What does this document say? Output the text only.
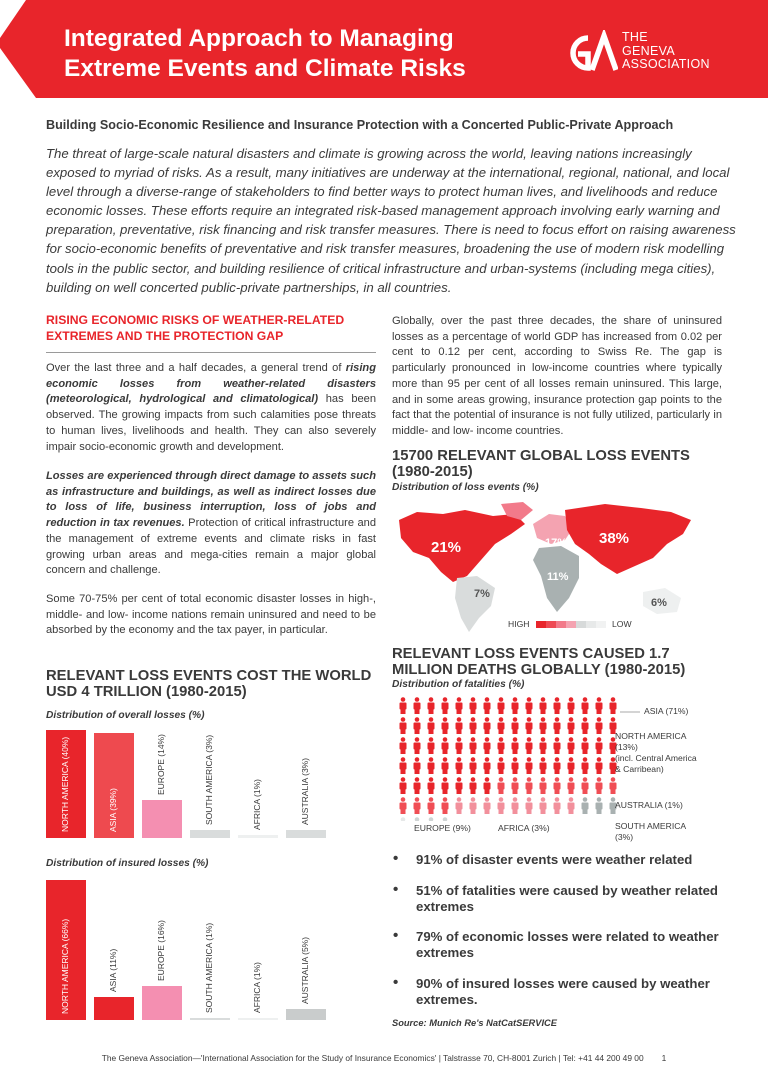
Integrated Approach to Managing
Extreme Events and Climate Risks
THE
GENEVA
ASSOCIATION
Building Socio-Economic Resilience and Insurance Protection with a Concerted Public-Private Approach

The threat of large-scale natural disasters and climate is growing across the world, leaving nations increasingly exposed to myriad of risks. As a result, many initiatives are underway at the international, regional, national, and local level through a diverse-range of stakeholders to find better ways to protect human lives, and livelihoods and reduce economic losses. These efforts require an integrated risk-based management approach involving early warning and preparation, preventative, risk financing and risk transfer measures. There is need to focus effort on raising awareness for socio-economic benefits of preventative and risk transfer measures, broadening the use of modern risk modelling tools in the public sector, and building resilience of critical infrastructure and urban-systems (including mega cities), building on well concerted public-private partnerships, in all countries.

RISING ECONOMIC RISKS OF WEATHER-RELATED EXTREMES AND THE PROTECTION GAP

Over the last three and a half decades, a general trend of rising economic losses from weather-related disasters (meteorological, hydrological and climatological) has been observed. The growing impacts from such calamities pose threats to human lives, livelihoods and health. They can also severely impair socio-economic growth and development.

Losses are experienced through direct damage to assets such as infrastructure and buildings, as well as indirect losses due to loss of life, business interruption, loss of jobs and reduction in tax revenues. Protection of critical infrastructure and the management of extreme events and climate risks in fast growing urban areas and mega-cities remain a major global concern and challenge.

Some 70-75% per cent of total economic disaster losses in high-, middle- and low- income nations remain uninsured and need to be absorbed by the economy and the tax payer, in particular.

RELEVANT LOSS EVENTS COST THE WORLD
USD 4 TRILLION (1980-2015)

Distribution of overall losses (%)

NORTH AMERICA (40%)	ASIA (39%)
EUROPE (14%)	SOUTH AMERICA (3%)	AFRICA (1%)	AUSTRALIA (3%)

Distribution of insured losses (%)

NORTH AMERICA (66%)	ASIA (11%)	EUROPE (16%)	SOUTH AMERICA (1%)	AFRICA (1%)	AUSTRALIA (5%)

Globally, over the past three decades, the share of uninsured losses as a percentage of world GDP has increased from 0.02 per cent to 0.12 per cent, according to Swiss Re. The gap is particularly pronounced in low-income countries where typically more than 95 per cent of all losses remain uninsured. This large, and in some areas growing, insurance protection gap points to the fact that the potential of insurance is not fully utilized, particularly in middle- and low- income countries.

15700 RELEVANT GLOBAL LOSS EVENTS
(1980-2015)

Distribution of loss events (%)

21%	17% 38%
11%
7%
6%
HIGH	LOW
RELEVANT LOSS EVENTS CAUSED 1.7
MILLION DEATHS GLOBALLY (1980-2015)

Distribution of fatalities (%)

ASIA (71%)
NORTH AMERICA
(13%)
(incl. Central America
& Carribean)
AUSTRALIA (1%)
EUROPE (9%)	AFRICA (3%)	SOUTH AMERICA
(3%)
• 91% of disaster events were weather related
• 51% of fatalities were caused by weather related extremes
• 79% of economic losses were related to weather extremes
• 90% of insured losses were caused by weather extremes.

Source: Munich Re's NatCatSERVICE

The Geneva Association—'International Association for the Study of Insurance Economics' | Talstrasse 70, CH-8001 Zurich | Tel: +41 44 200 49 00 1
